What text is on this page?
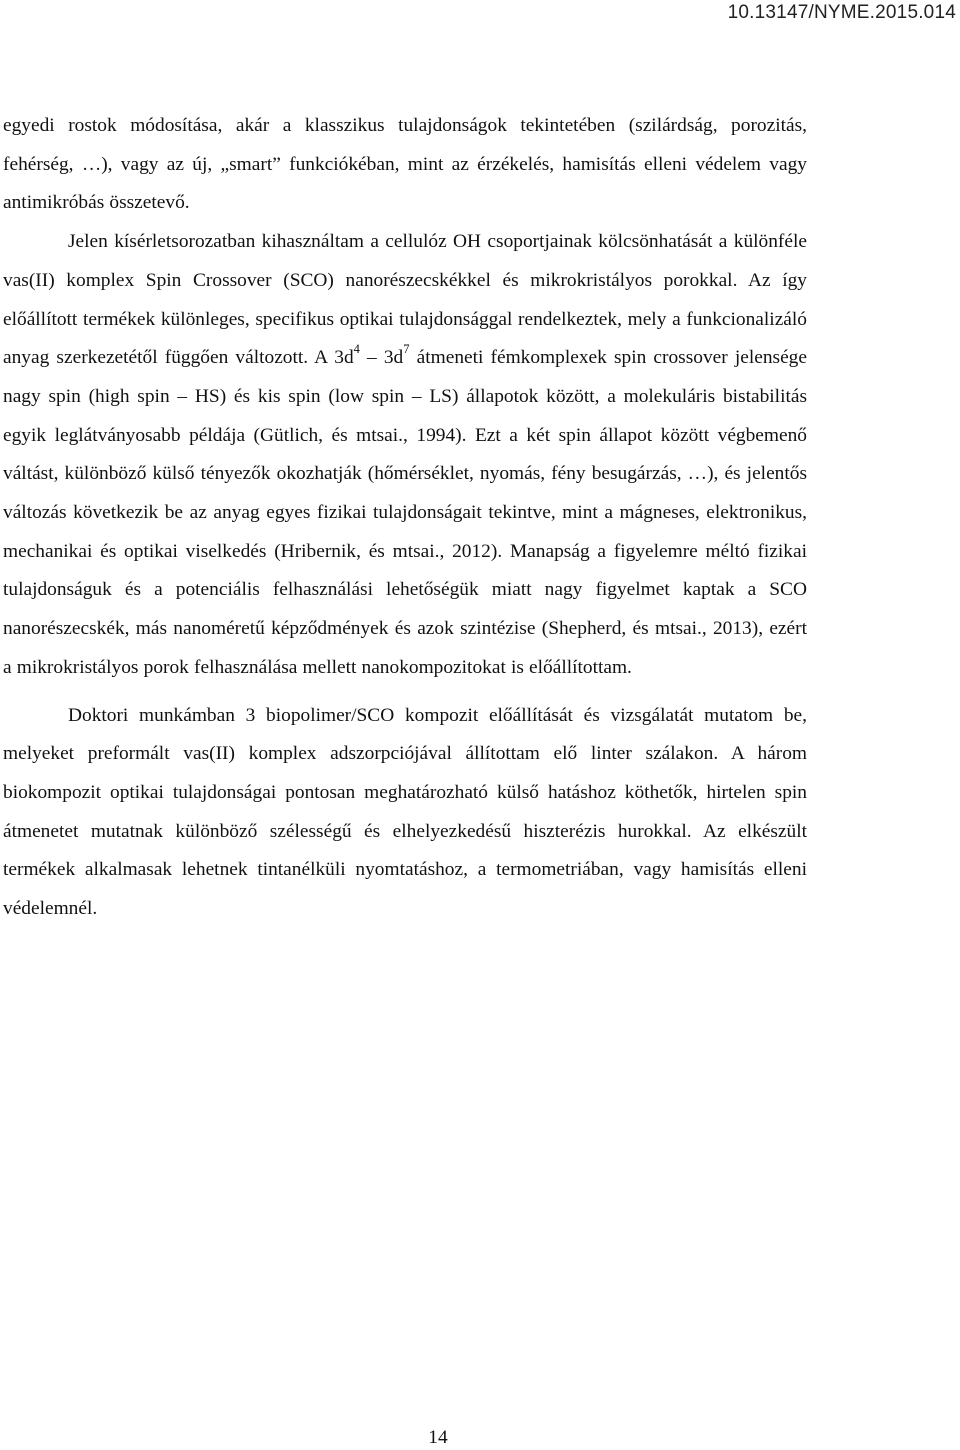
10.13147/NYME.2015.014

egyedi rostok módosítása, akár a klasszikus tulajdonságok tekintetében (szilárdság, porozitás, fehérség, …), vagy az új, „smart” funkciókéban, mint az érzékelés, hamisítás elleni védelem vagy antimikróbás összetevő.

Jelen kísérletsorozatban kihasználtam a cellulóz OH csoportjainak kölcsönhatását a különféle vas(II) komplex Spin Crossover (SCO) nanorészecskékkel és mikrokristályos porokkal. Az így előállított termékek különleges, specifikus optikai tulajdonsággal rendelkeztek, mely a funkcionalizáló anyag szerkezetétől függően változott. A $3d^4 - 3d^7$ átmeneti fémkomplexek spin crossover jelensége nagy spin (high spin – HS) és kis spin (low spin – LS) állapotok között, a molekuláris bistabilitás egyik leglátványosabb példája (Gütlich, és mtsai., 1994). Ezt a két spin állapot között végbemenő váltást, különböző külső tényezők okozhatják (hőmérséklet, nyomás, fény besugárzás, …), és jelentős változás következik be az anyag egyes fizikai tulajdonságait tekintve, mint a mágneses, elektronikus, mechanikai és optikai viselkedés (Hribernik, és mtsai., 2012). Manapság a figyelemre méltó fizikai tulajdonságuk és a potenciális felhasználási lehetőségük miatt nagy figyelmet kaptak a SCO nanorészecskék, más nanoméretű képződmények és azok szintézise (Shepherd, és mtsai., 2013), ezért a mikrokristályos porok felhasználása mellett nanokompozitokat is előállítottam.

Doktori munkámban 3 biopolimer/SCO kompozit előállítását és vizsgálatát mutatom be, melyeket preformált vas(II) komplex adszorpciójával állítottam elő linter szálakon. A három biokompozit optikai tulajdonságai pontosan meghatározható külső hatáshoz köthetők, hirtelen spin átmenetet mutatnak különböző szélességű és elhelyezkedésű hiszterézis hurokkal. Az elkészült termékek alkalmasak lehetnek tintanélküli nyomtatáshoz, a termometriában, vagy hamisítás elleni védelemnél.

14
